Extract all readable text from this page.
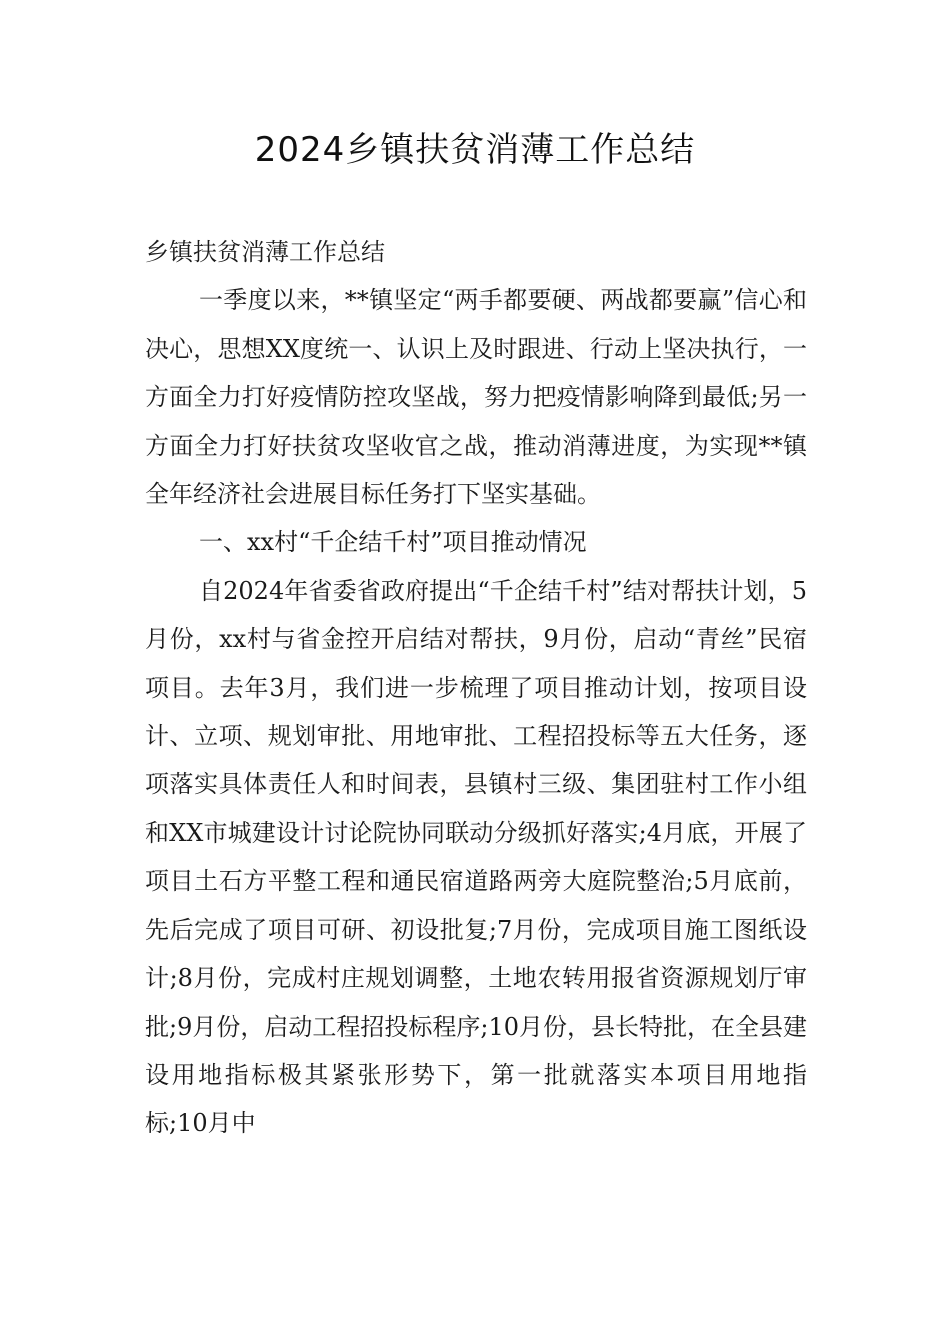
2024乡镇扶贫消薄工作总结

乡镇扶贫消薄工作总结

一季度以来，**镇坚定“两手都要硬、两战都要赢”信心和决心，思想XX度统一、认识上及时跟进、行动上坚决执行，一方面全力打好疫情防控攻坚战，努力把疫情影响降到最低;另一方面全力打好扶贫攻坚收官之战，推动消薄进度，为实现**镇全年经济社会进展目标任务打下坚实基础。

一、xx村“千企结千村”项目推动情况

自2024年省委省政府提出“千企结千村”结对帮扶计划，5月份，xx村与省金控开启结对帮扶，9月份，启动“青丝”民宿项目。去年3月，我们进一步梳理了项目推动计划，按项目设计、立项、规划审批、用地审批、工程招投标等五大任务，逐项落实具体责任人和时间表，县镇村三级、集团驻村工作小组和XX市城建设计讨论院协同联动分级抓好落实;4月底，开展了项目土石方平整工程和通民宿道路两旁大庭院整治;5月底前，先后完成了项目可研、初设批复;7月份，完成项目施工图纸设计;8月份，完成村庄规划调整，土地农转用报省资源规划厅审批;9月份，启动工程招投标程序;10月份，县长特批，在全县建设用地指标极其紧张形势下，第一批就落实本项目用地指标;10月中
